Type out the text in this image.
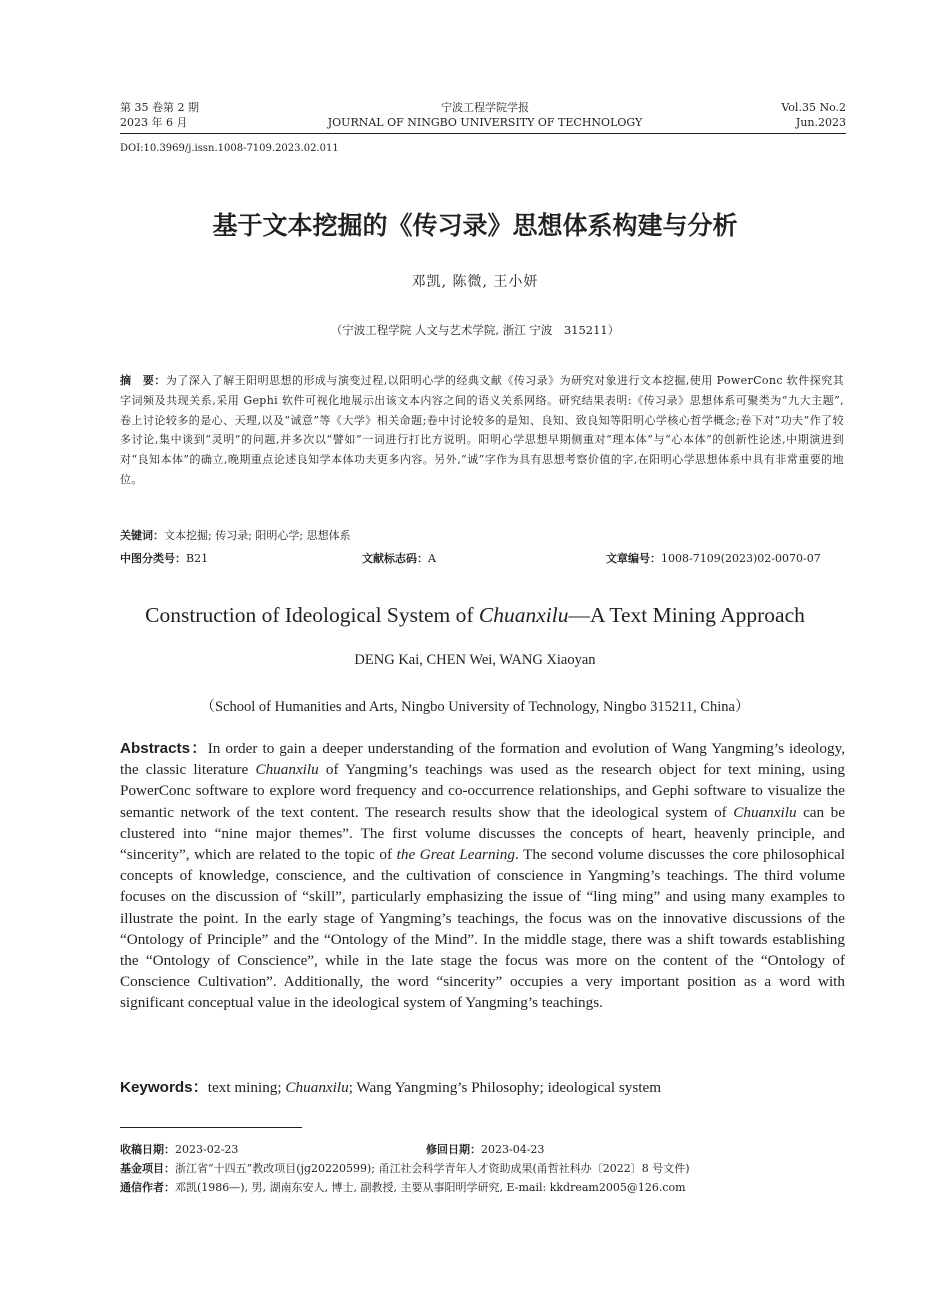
第 35 卷第 2 期
2023 年 6 月
宁波工程学院学报
JOURNAL OF NINGBO UNIVERSITY OF TECHNOLOGY
Vol.35 No.2
Jun.2023
DOI:10.3969/j.issn.1008-7109.2023.02.011
基于文本挖掘的《传习录》思想体系构建与分析
邓凯, 陈微, 王小妍
（宁波工程学院 人文与艺术学院, 浙江 宁波　315211）
摘　要：为了深入了解王阳明思想的形成与演变过程,以阳明心学的经典文献《传习录》为研究对象进行文本挖掘,使用 PowerConc 软件探究其字词频及共现关系,采用 Gephi 软件可视化地展示出该文本内容之间的语义关系网络。研究结果表明:《传习录》思想体系可聚类为“九大主题”,卷上讨论较多的是心、天理,以及“诚意”等《大学》相关命题;卷中讨论较多的是知、良知、致良知等阳明心学核心哲学概念;卷下对“功夫”作了较多讨论,集中谈到“灵明”的问题,并多次以“譬如”一词进行打比方说明。阳明心学思想早期侧重对“理本体”与“心本体”的创新性论述,中期演进到对“良知本体”的确立,晚期重点论述良知学本体功夫更多内容。另外,“诚”字作为具有思想考察价值的字,在阳明心学思想体系中具有非常重要的地位。
关键词：文本挖掘; 传习录; 阳明心学; 思想体系
中图分类号：B21	文献标志码：A	文章编号：1008-7109(2023)02-0070-07
Construction of Ideological System of Chuanxilu—A Text Mining Approach
DENG Kai, CHEN Wei, WANG Xiaoyan
（School of Humanities and Arts, Ningbo University of Technology, Ningbo 315211, China）
Abstracts：In order to gain a deeper understanding of the formation and evolution of Wang Yangming’s ideology, the classic literature Chuanxilu of Yangming’s teachings was used as the research object for text mining, using PowerConc software to explore word frequency and co-occurrence relationships, and Gephi software to visualize the semantic network of the text content. The research results show that the ideological system of Chuanxilu can be clustered into “nine major themes”. The first volume discusses the concepts of heart, heavenly principle, and “sincerity”, which are related to the topic of the Great Learning. The second volume discusses the core philosophical concepts of knowledge, conscience, and the cultivation of conscience in Yangming’s teachings. The third volume focuses on the discussion of “skill”, particularly emphasizing the issue of “ling ming” and using many examples to illustrate the point. In the early stage of Yangming’s teachings, the focus was on the innovative discussions of the “Ontology of Principle” and the “Ontology of the Mind”. In the middle stage, there was a shift towards establishing the “Ontology of Conscience”, while in the late stage the focus was more on the content of the “Ontology of Conscience Cultivation”. Additionally, the word “sincerity” occupies a very important position as a word with significant conceptual value in the ideological system of Yangming’s teachings.
Keywords：text mining; Chuanxilu; Wang Yangming’s Philosophy; ideological system
收稿日期：2023-02-23	修回日期：2023-04-23
基金项目：浙江省“十四五”教改项目(jg20220599); 甬江社会科学青年人才资助成果(甬哲社科办〔2022〕8 号文件)
通信作者：邓凯(1986—), 男, 湖南东安人, 博士, 副教授, 主要从事阳明学研究, E-mail: kkdream2005@126.com
